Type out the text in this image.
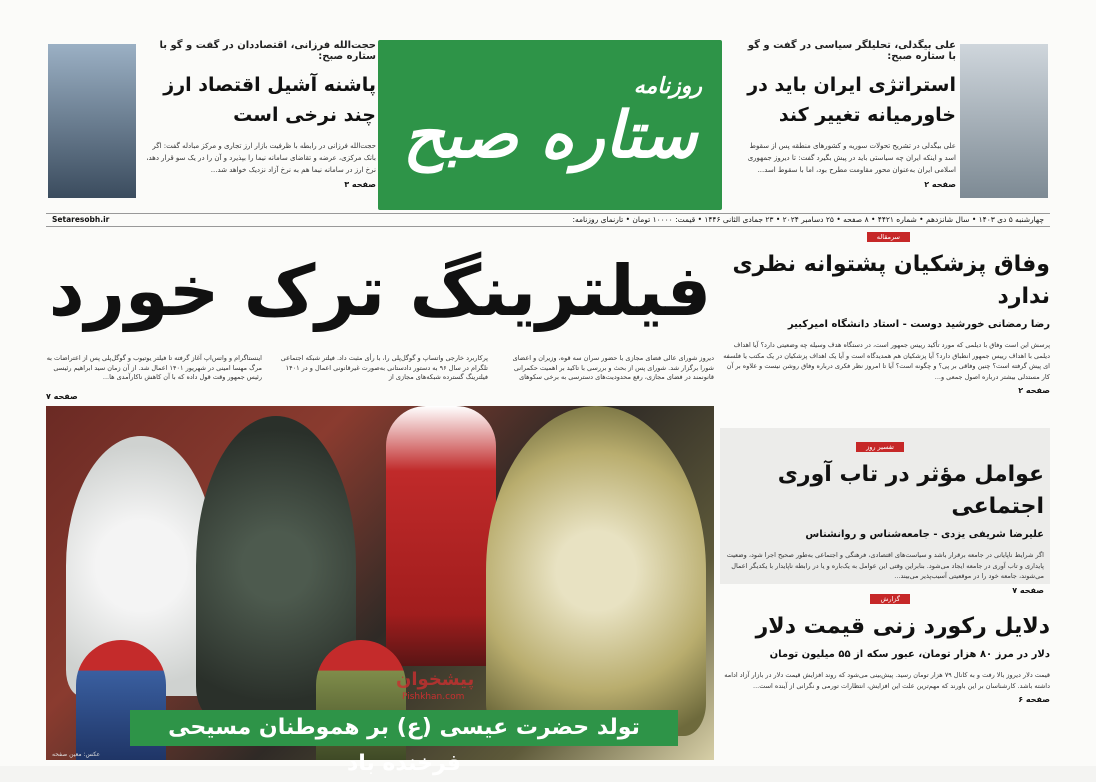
روزنامه
ستاره صبح
علی بیگدلی، تحلیلگر سیاسی در گفت و گو با ستاره صبح:
استراتژی ایران باید در خاورمیانه تغییر کند
علی بیگدلی در تشریح تحولات سوریه و کشورهای منطقه پس از سقوط اسد و اینکه ایران چه سیاستی باید در پیش بگیرد گفت: تا دیروز جمهوری اسلامی ایران به‌عنوان محور مقاومت مطرح بود، اما با سقوط اسد...
صفحه ۲
حجت‌الله فرزانی، اقتصاددان در گفت و گو با ستاره صبح:
پاشنه آشیل اقتصاد ارز چند نرخی است
حجت‌الله فرزانی در رابطه با ظرفیت بازار ارز تجاری و مرکز مبادله گفت: اگر بانک مرکزی، عرضه و تقاضای سامانه نیما را بپذیرد و آن را در یک سو قرار دهد، نرخ ارز در سامانه نیما هم به نرخ آزاد نزدیک خواهد شد...
صفحه ۳
چهارشنبه ۵ دی ۱۴۰۳ • سال شانزدهم • شماره ۴۴۲۱ • ۸ صفحه • ۲۵ دسامبر ۲۰۲۴ • ۲۳ جمادی الثانی ۱۴۴۶ • قیمت: ۱۰۰۰۰ تومان • تارنمای روزنامه:
Setaresobh.ir
فیلترینگ ترک خورد
دیروز شورای عالی فضای مجازی با حضور سران سه قوه، وزیران و اعضای شورا برگزار شد. شورای پس از بحث و بررسی با تاکید بر اهمیت حکمرانی قانونمند در فضای مجازی، رفع محدودیت‌های دسترسی به برخی سکوهای
پرکاربرد خارجی واتساپ و گوگل‌پلی را، با رأی مثبت داد. فیلتر شبکه اجتماعی تلگرام در سال ۹۶ به دستور دادستانی به‌صورت غیرقانونی اعمال و در ۱۴۰۱ فیلترینگ گسترده شبکه‌های مجازی از
اینستاگرام و واتس‌اپ آغاز گرفته تا فیلتر یوتیوب و گوگل‌پلی پس از اعتراضات به مرگ مهسا امینی در شهریور ۱۴۰۱ اعمال شد. از آن زمان سید ابراهیم رئیسی رئیس جمهور وقت قول داده که با آن کاهش ناکارآمدی ها...
صفحه ۷
پیشخوان
Pishkhan.com
تولد حضرت عیسی (ع) بر هموطنان مسیحی فرخنده باد
عکس: معین صفحه
سرمقاله
وفاق پزشکیان پشتوانه نظری ندارد
رضا رمضانی خورشید دوست - استاد دانشگاه امیرکبیر
پرسش این است وفاق با دیلمی که مورد تأکید رییس جمهور است، در دستگاه هدف وسیله چه وضعیتی دارد؟ آیا اهداف دیلمی با اهداف رییس جمهور انطباق دارد؟ آیا پزشکیان هم همدیدگاه است و آیا یک اهداف پزشکیان در یک مکتب یا فلسفه ای پیش گرفته است؟ چنین وفاقی بر پی؟ و چگونه است؟ آیا تا امروز نظر فکری درباره وفاق روشن نیست و علاوه بر آن کار مستدلی بیشتر درباره اصول جمعی و...
صفحه ۲
تفسیر روز
عوامل مؤثر در تاب آوری اجتماعی
علیرضا شریفی یزدی - جامعه‌شناس و روانشناس
اگر شرایط ناپایانی در جامعه برقرار باشد و سیاست‌های اقتصادی، فرهنگی و اجتماعی به‌طور صحیح اجرا شود، وضعیت پایداری و تاب آوری در جامعه ایجاد می‌شود. بنابراین وقتی این عوامل به یک‌باره و یا در رابطه ناپایدار با یکدیگر اعمال می‌شوند، جامعه خود را در موقعیتی آسیب‌پذیر می‌بیند...
صفحه ۷
گزارش
دلایل رکورد زنی قیمت دلار
دلار در مرز ۸۰ هزار تومان، عبور سکه از ۵۵ میلیون تومان
قیمت دلار دیروز بالا رفت و به کانال ۷۹ هزار تومان رسید. پیش‌بینی می‌شود که روند افزایش قیمت دلار در بازار آزاد ادامه داشته باشد. کارشناسان بر این باورند که مهم‌ترین علت این افزایش، انتظارات تورمی و نگرانی از آینده است...
صفحه ۶
